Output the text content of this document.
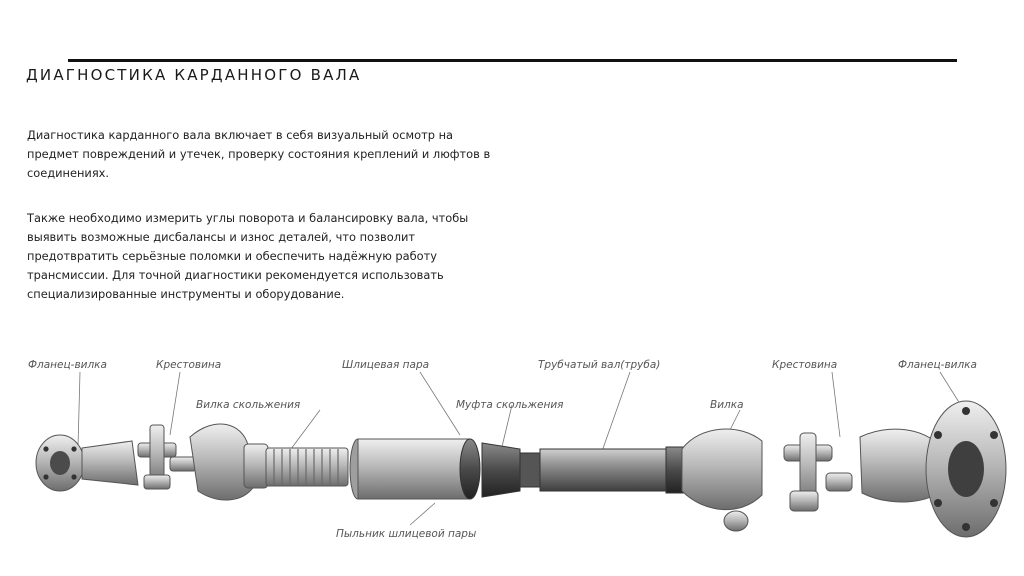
ДИАГНОСТИКА КАРДАННОГО ВАЛА

Диагностика карданного вала включает в себя визуальный осмотр на предмет повреждений и утечек, проверку состояния креплений и люфтов в соединениях.

Также необходимо измерить углы поворота и балансировку вала, чтобы выявить возможные дисбалансы и износ деталей, что позволит предотвратить серьёзные поломки и обеспечить надёжную работу трансмиссии. Для точной диагностики рекомендуется использовать специализированные инструменты и оборудование.

Фланец-вилка	Крестовина
Вилка скольжения
Шлицевая пара
Муфта скольжения
Трубчатый вал(труба)
Вилка
Крестовина	Фланец-вилка
Пыльник шлицевой пары
